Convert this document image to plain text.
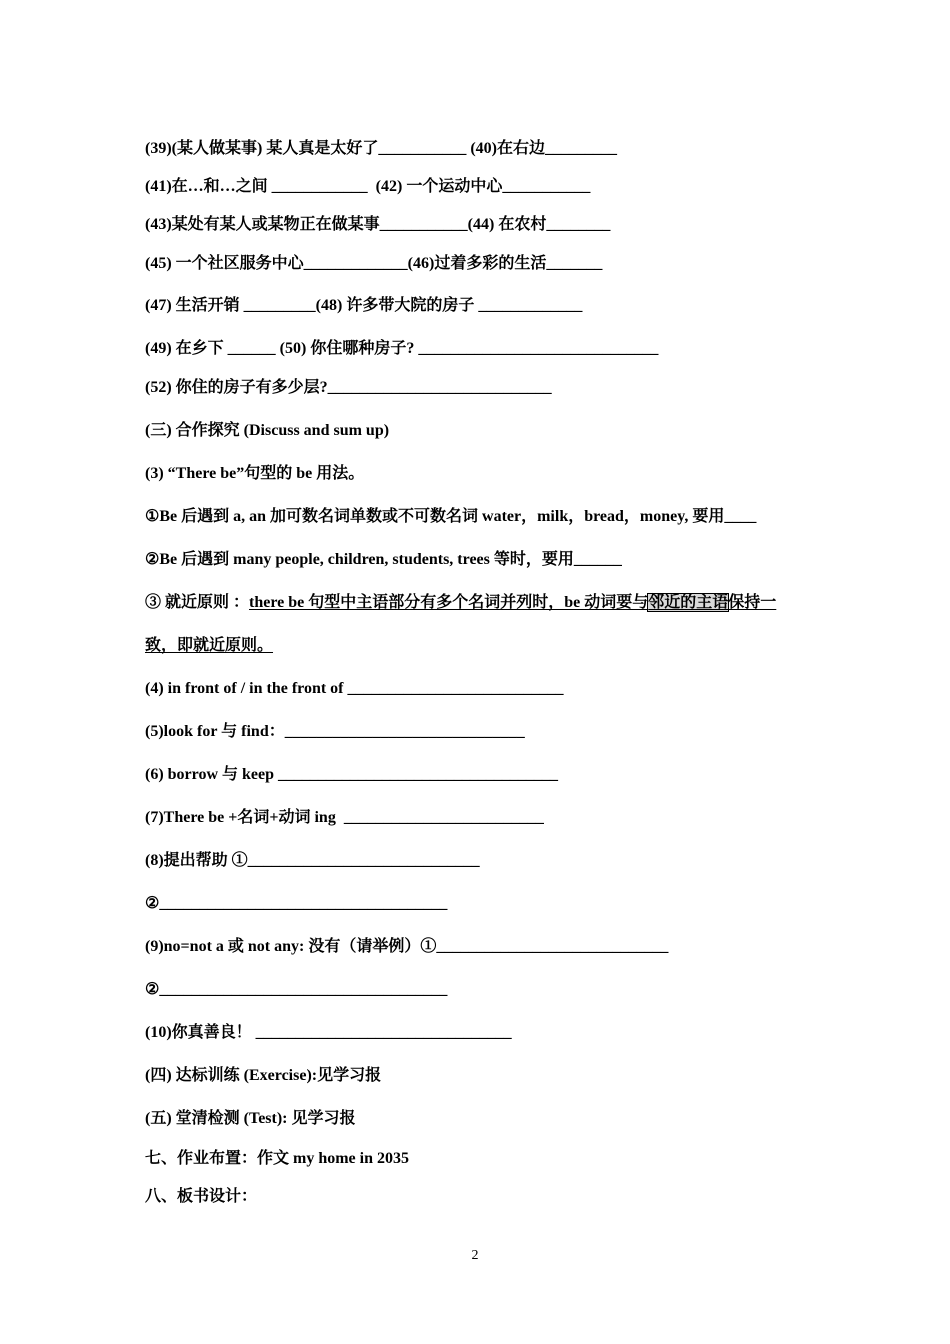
(39)(某人做某事) 某人真是太好了___________ (40)在右边_________
(41)在…和…之间 ____________  (42) 一个运动中心___________
(43)某处有某人或某物正在做某事___________(44) 在农村________
(45) 一个社区服务中心_____________(46)过着多彩的生活_______
(47) 生活开销 _________(48) 许多带大院的房子 _____________
(49) 在乡下 ______ (50) 你住哪种房子? ______________________________
(52) 你住的房子有多少层?____________________________
(三) 合作探究 (Discuss and sum up)
(3) “There be”句型的 be 用法。
①Be 后遇到 a, an 加可数名词单数或不可数名词 water，milk，bread，money, 要用____
②Be 后遇到 many people, children, students, trees 等时，要用______
③ 就近原则 ：there be 句型中主语部分有多个名词并列时，be 动词要与邻近的主语保持一
致，即就近原则。
(4) in front of / in the front of ___________________________
(5)look for 与 find：______________________________
(6) borrow 与 keep ___________________________________
(7)There be +名词+动词 ing  _________________________
(8)提出帮助 ①_____________________________
②____________________________________
(9)no=not a 或 not any: 没有（请举例）①_____________________________
②____________________________________
(10)你真善良！ ________________________________
(四) 达标训练 (Exercise):见学习报
(五) 堂清检测 (Test): 见学习报
七、作业布置：作文 my home in 2035
八、板书设计：
2
